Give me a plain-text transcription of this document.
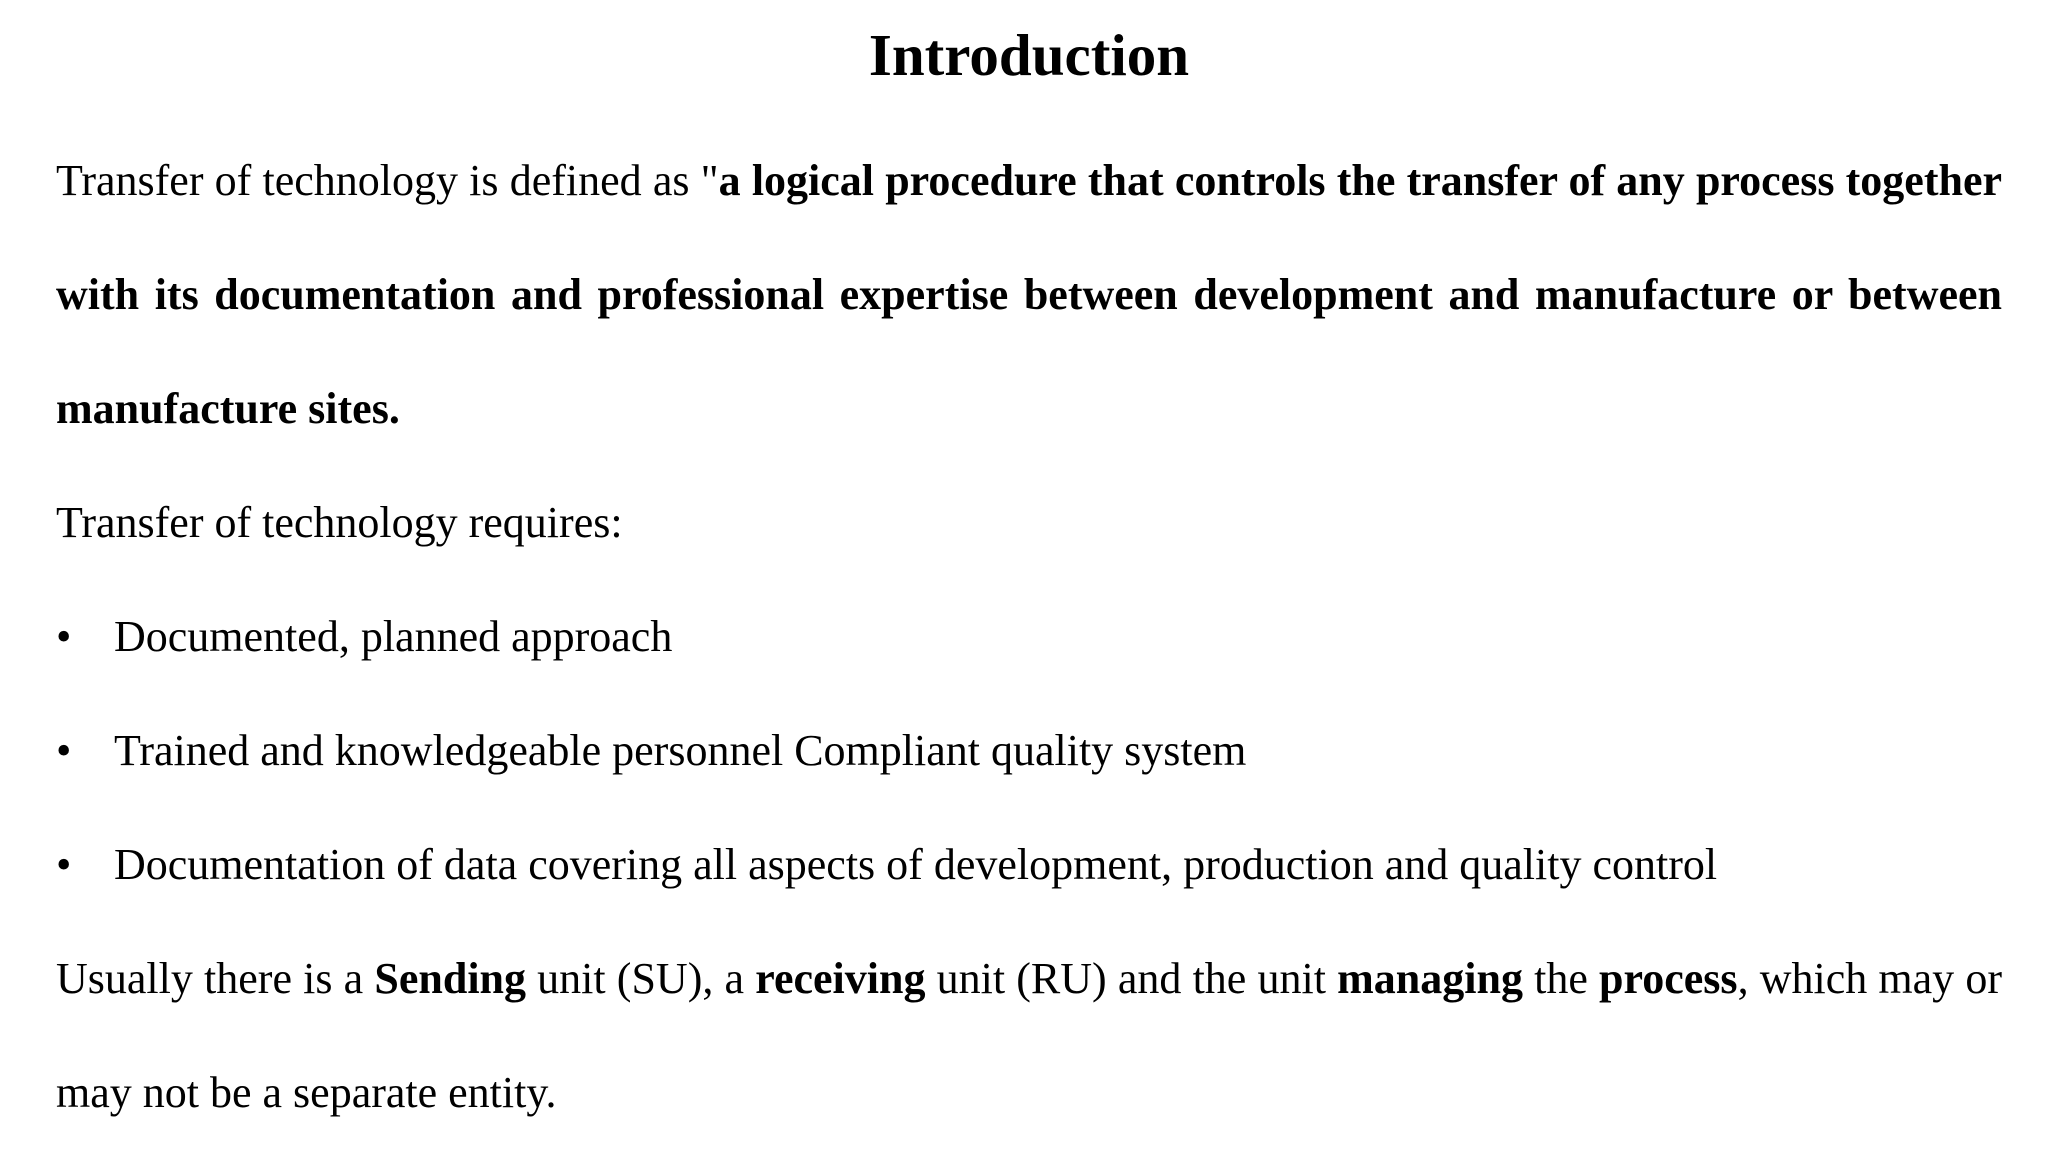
Introduction

Transfer of technology is defined as "a logical procedure that controls the transfer of any process together with its documentation and professional expertise between development and manufacture or between manufacture sites.

Transfer of technology requires:

• Documented, planned approach
• Trained and knowledgeable personnel Compliant quality system
• Documentation of data covering all aspects of development, production and quality control

Usually there is a Sending unit (SU), a receiving unit (RU) and the unit managing the process, which may or may not be a separate entity.
